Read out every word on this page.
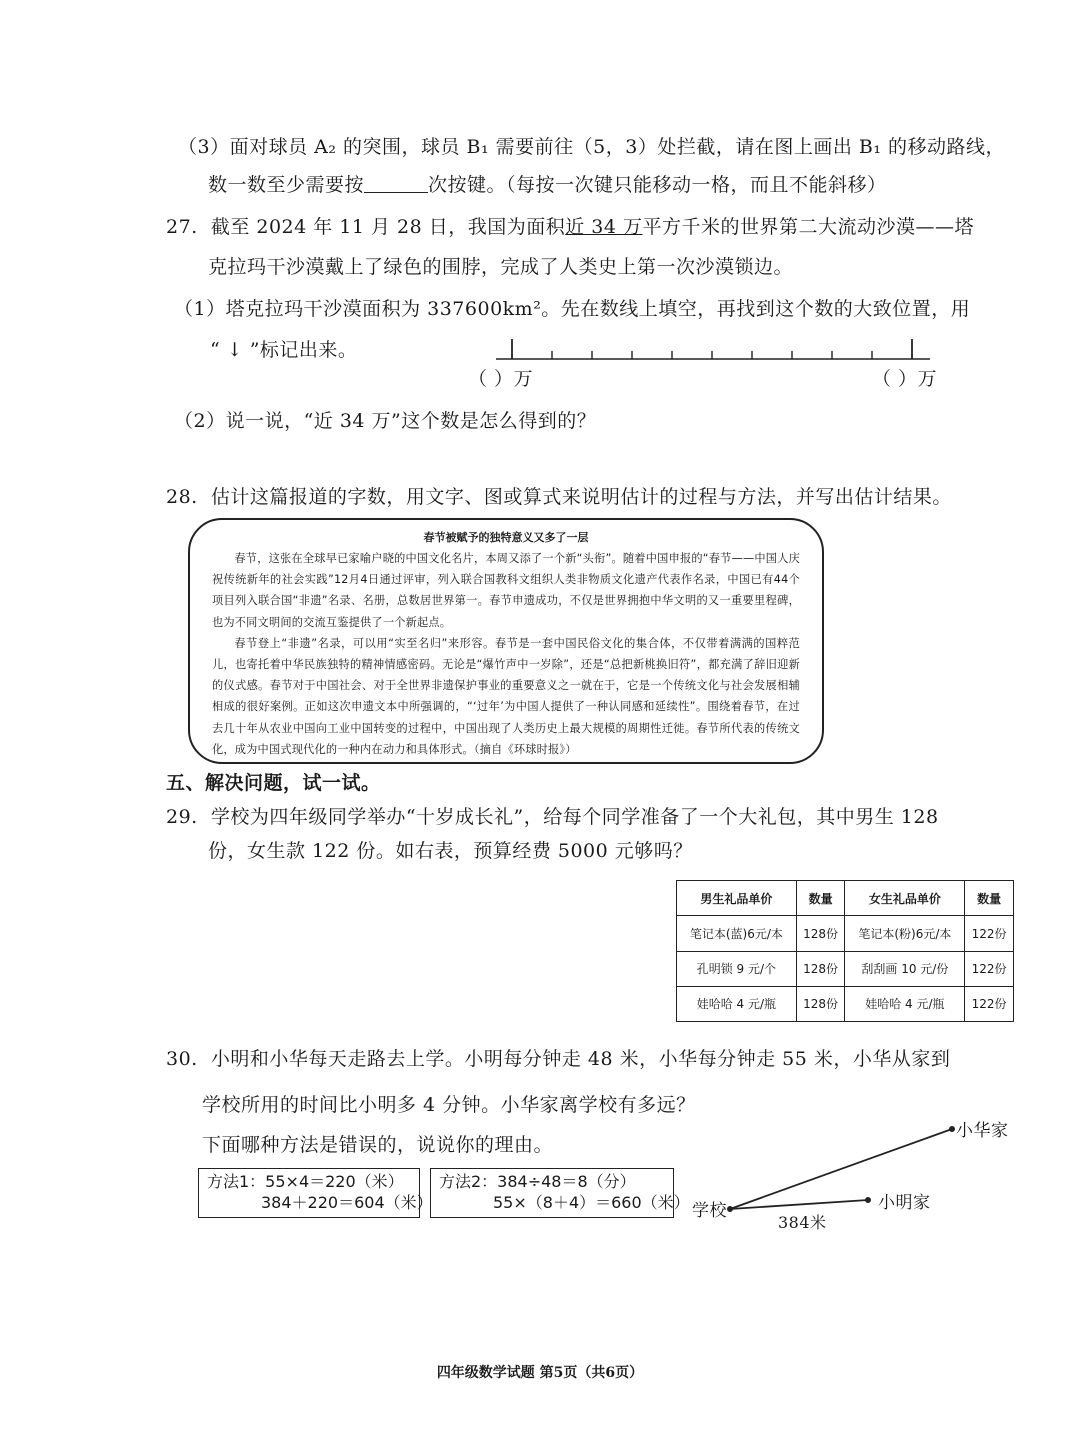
（3）面对球员 A₂ 的突围，球员 B₁ 需要前往（5，3）处拦截，请在图上画出 B₁ 的移动路线，
数一数至少需要按	次按键。（每按一次键只能移动一格，而且不能斜移）
27. 截至 2024 年 11 月 28 日，我国为面积近 34 万平方千米的世界第二大流动沙漠——塔
克拉玛干沙漠戴上了绿色的围脖，完成了人类史上第一次沙漠锁边。
（1）塔克拉玛干沙漠面积为 337600km²。先在数线上填空，再找到这个数的大致位置，用
“ ↓ ”标记出来。
（ ）万	（ ）万
（2）说一说，“近 34 万”这个数是怎么得到的？
28. 估计这篇报道的字数，用文字、图或算式来说明估计的过程与方法，并写出估计结果。
春节被赋予的独特意义又多了一层

春节，这张在全球早已家喻户晓的中国文化名片，本周又添了一个新“头衔”。随着中国申报的“春节——中国人庆祝传统新年的社会实践”12月4日通过评审，列入联合国教科文组织人类非物质文化遗产代表作名录，中国已有44个项目列入联合国“非遗”名录、名册，总数居世界第一。春节申遗成功，不仅是世界拥抱中华文明的又一重要里程碑，也为不同文明间的交流互鉴提供了一个新起点。

春节登上“非遗”名录，可以用“实至名归”来形容。春节是一套中国民俗文化的集合体，不仅带着满满的国粹范儿，也寄托着中华民族独特的精神情感密码。无论是“爆竹声中一岁除”，还是“总把新桃换旧符”，都充满了辞旧迎新的仪式感。春节对于中国社会、对于全世界非遗保护事业的重要意义之一就在于，它是一个传统文化与社会发展相辅相成的很好案例。正如这次申遗文本中所强调的，“‘过年’为中国人提供了一种认同感和延续性”。围绕着春节，在过去几十年从农业中国向工业中国转变的过程中，中国出现了人类历史上最大规模的周期性迁徙。春节所代表的传统文化，成为中国式现代化的一种内在动力和具体形式。（摘自《环球时报》）

五、解决问题，试一试。
29. 学校为四年级同学举办“十岁成长礼”，给每个同学准备了一个大礼包，其中男生 128
份，女生款 122 份。如右表，预算经费 5000 元够吗？
男生礼品单价	数量	女生礼品单价	数量
笔记本(蓝)6元/本	128份	笔记本(粉)6元/本	122份
孔明锁 9 元/个	128份	刮刮画 10 元/份	122份
娃哈哈 4 元/瓶	128份	娃哈哈 4 元/瓶	122份
30. 小明和小华每天走路去上学。小明每分钟走 48 米，小华每分钟走 55 米，小华从家到
学校所用的时间比小明多 4 分钟。小华家离学校有多远？
下面哪种方法是错误的，说说你的理由。
方法1：55×4＝220（米）
384＋220＝604（米）
方法2：384÷48＝8（分）
55×（8＋4）＝660（米） 学校
小华家
小明家
384米
四年级数学试题 第5页（共6页）
